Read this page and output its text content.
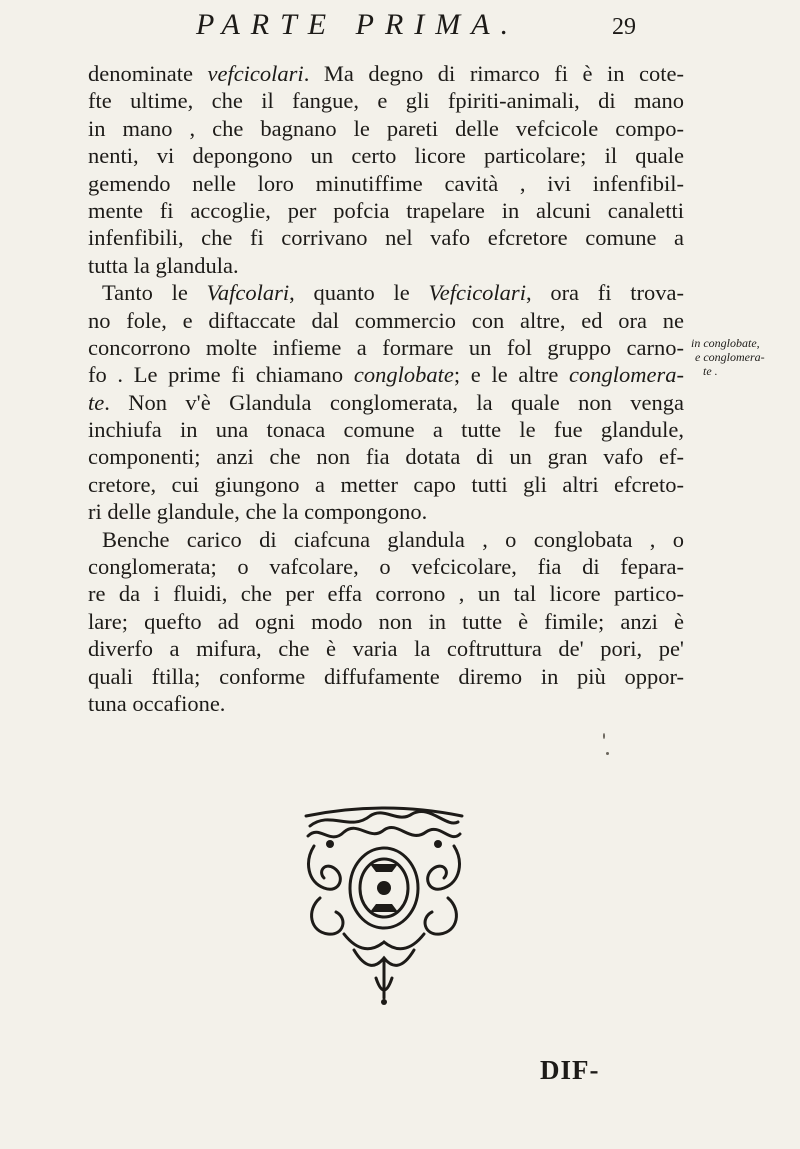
PARTE PRIMA.	29
denominate vefcicolari. Ma degno di rimarco fi è in cote-
fte ultime, che il fangue, e gli fpiriti-animali, di mano
in mano , che bagnano le pareti delle vefcicole compo-
nenti, vi depongono un certo licore particolare; il quale
gemendo nelle loro minutiffime cavità , ivi infenfibil-
mente fi accoglie, per pofcia trapelare in alcuni canaletti
infenfibili, che fi corrivano nel vafo efcretore comune a
tutta la glandula.
Tanto le Vafcolari, quanto le Vefcicolari, ora fi trova-
no fole, e diftaccate dal commercio con altre, ed ora ne
concorrono molte infieme a formare un fol gruppo carno-
fo . Le prime fi chiamano conglobate; e le altre conglomera-
te. Non v'è Glandula conglomerata, la quale non venga
inchiufa in una tonaca comune a tutte le fue glandule,
componenti; anzi che non fia dotata di un gran vafo ef-
cretore, cui giungono a metter capo tutti gli altri efcreto-
ri delle glandule, che la compongono.
Benche carico di ciafcuna glandula , o conglobata , o
conglomerata; o vafcolare, o vefcicolare, fia di fepara-
re da i fluidi, che per effa corrono , un tal licore partico-
lare; quefto ad ogni modo non in tutte è fimile; anzi è
diverfo a mifura, che è varia la coftruttura de' pori, pe'
quali ftilla; conforme diffufamente diremo in più oppor-
tuna occafione.
in conglobate,
e conglomera-
te .
DIF-
